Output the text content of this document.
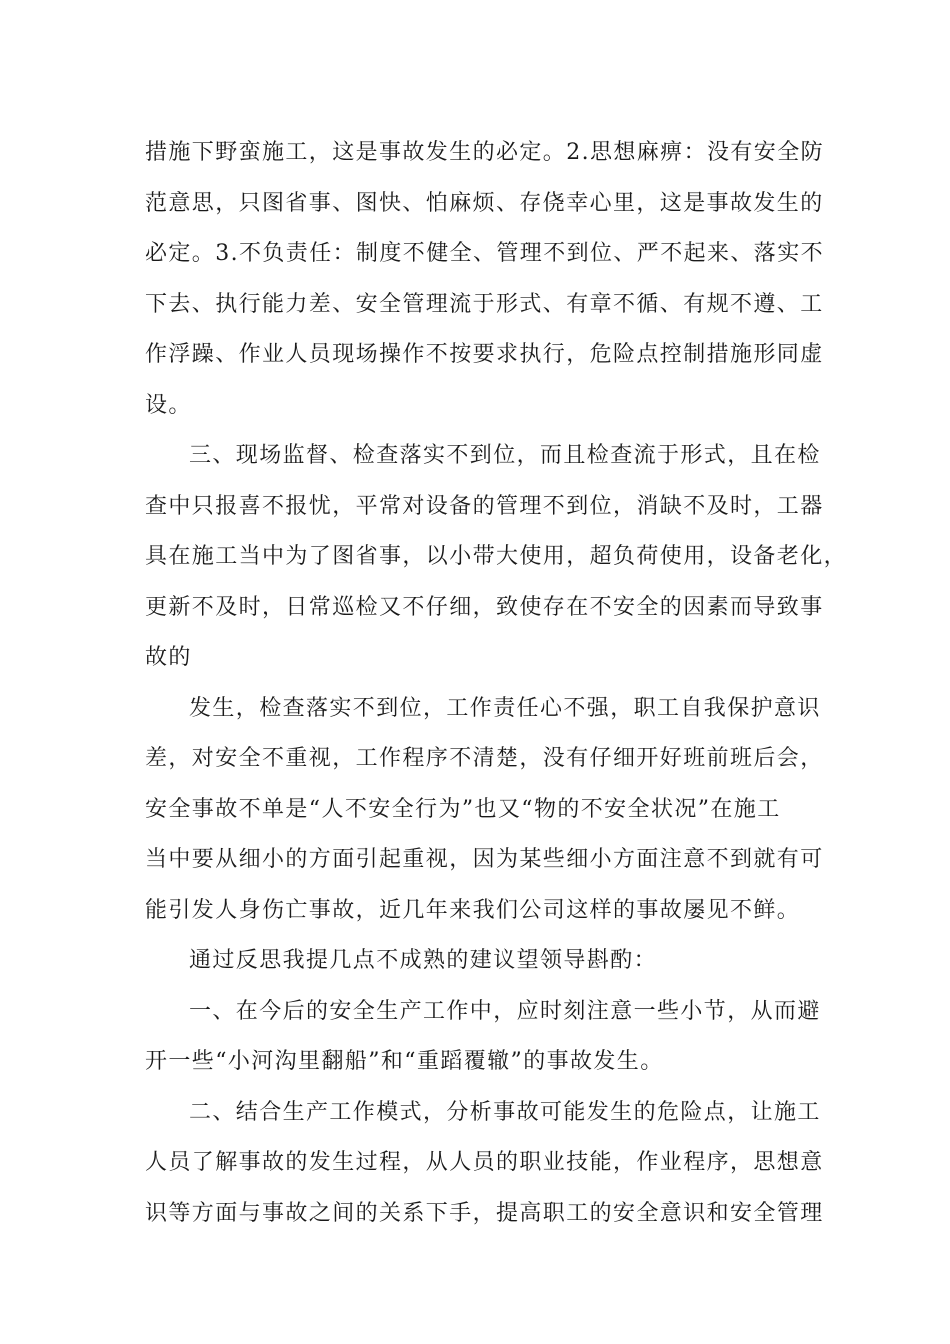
措施下野蛮施工，这是事故发生的必定。2.思想麻痹：没有安全防
范意思，只图省事、图快、怕麻烦、存侥幸心里，这是事故发生的
必定。3.不负责任：制度不健全、管理不到位、严不起来、落实不
下去、执行能力差、安全管理流于形式、有章不循、有规不遵、工
作浮躁、作业人员现场操作不按要求执行，危险点控制措施形同虚
设。
三、现场监督、检查落实不到位，而且检查流于形式，且在检
查中只报喜不报忧，平常对设备的管理不到位，消缺不及时，工器
具在施工当中为了图省事，以小带大使用，超负荷使用，设备老化，
更新不及时，日常巡检又不仔细，致使存在不安全的因素而导致事
故的
发生，检查落实不到位，工作责任心不强，职工自我保护意识
差，对安全不重视，工作程序不清楚，没有仔细开好班前班后会，
安全事故不单是“人不安全行为”也又“物的不安全状况”在施工
当中要从细小的方面引起重视，因为某些细小方面注意不到就有可
能引发人身伤亡事故，近几年来我们公司这样的事故屡见不鲜。
通过反思我提几点不成熟的建议望领导斟酌：
一、在今后的安全生产工作中，应时刻注意一些小节，从而避
开一些“小河沟里翻船”和“重蹈覆辙”的事故发生。
二、结合生产工作模式，分析事故可能发生的危险点，让施工
人员了解事故的发生过程，从人员的职业技能，作业程序，思想意
识等方面与事故之间的关系下手，提高职工的安全意识和安全管理
